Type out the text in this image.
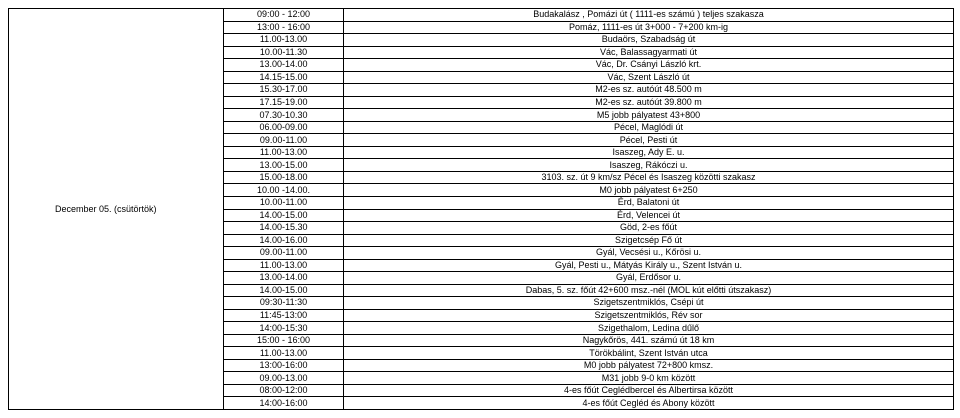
December 05. (csütörtök)	09:00 - 12:00	Budakalász , Pomázi út ( 1111-es számú ) teljes szakasza
	13:00 - 16:00	Pomáz, 1111-es út 3+000 - 7+200 km-ig
	11.00-13.00	Budaörs, Szabadság út
	10.00-11.30	Vác, Balassagyarmati út
	13.00-14.00	Vác, Dr. Csányi László krt.
	14.15-15.00	Vác, Szent László út
	15.30-17.00	M2-es sz. autóút 48.500 m
	17.15-19.00	M2-es sz. autóút 39.800 m
	07.30-10.30	M5 jobb pályatest 43+800
	06.00-09.00	Pécel, Maglódi út
	09.00-11.00	Pécel, Pesti út
	11.00-13.00	Isaszeg, Ady E. u.
	13.00-15.00	Isaszeg, Rákóczi u.
	15.00-18.00	3103. sz. út 9 km/sz Pécel és Isaszeg közötti szakasz
	10.00 -14.00.	M0 jobb pályatest 6+250
	10.00-11.00	Érd, Balatoni út
	14.00-15.00	Érd, Velencei út
	14.00-15.30	Göd, 2-es főút
	14.00-16.00	Szigetcsép Fő út
	09.00-11.00	Gyál, Vecsési u., Kőrösi u.
	11.00-13.00	Gyál, Pesti u., Mátyás Király u., Szent István u.
	13.00-14.00	Gyál, Erdősor u.
	14.00-15.00	Dabas, 5. sz. főút 42+600 msz.-nél (MOL kút előtti útszakasz)
	09:30-11:30	Szigetszentmiklós, Csépi út
	11:45-13:00	Szigetszentmiklós, Rév sor
	14:00-15:30	Szigethalom, Ledina dűlő
	15:00 - 16:00	Nagykőrös, 441. számú út 18 km
	11.00-13.00	Törökbálint, Szent István utca
	13:00-16:00	M0 jobb pályatest 72+800 kmsz.
	09.00-13.00	M31 jobb 9-0 km között
	08:00-12:00	4-es főút Ceglédbercel és Albertirsa között
	14:00-16:00	4-es főút Cegléd és Abony között
